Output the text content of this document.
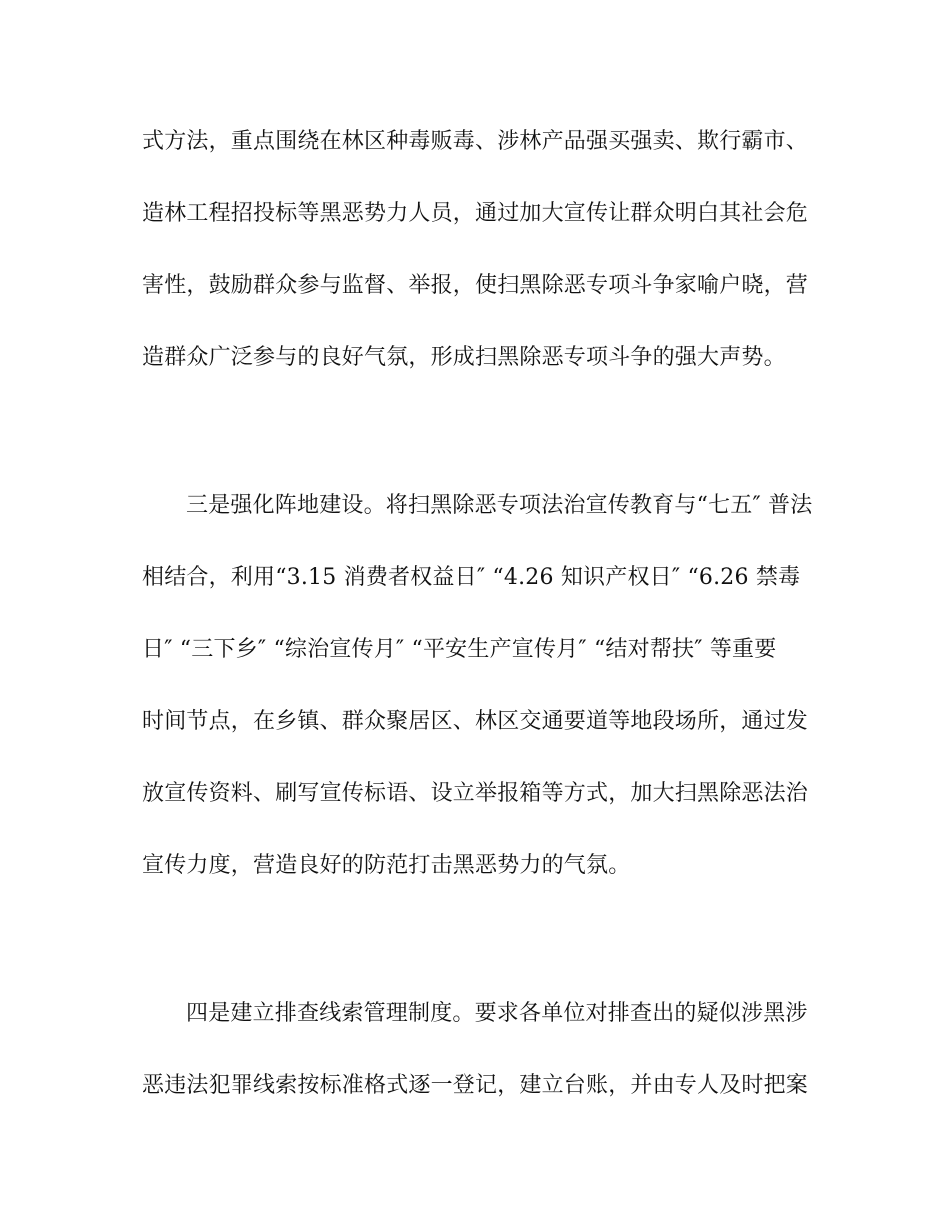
式方法，重点围绕在林区种毒贩毒、涉林产品强买强卖、欺行霸市、
造林工程招投标等黑恶势力人员，通过加大宣传让群众明白其社会危
害性，鼓励群众参与监督、举报，使扫黑除恶专项斗争家喻户晓，营
造群众广泛参与的良好气氛，形成扫黑除恶专项斗争的强大声势。
三是强化阵地建设。将扫黑除恶专项法治宣传教育与“七五″ 普法
相结合，利用“3.15 消费者权益日″ “4.26 知识产权日″ “6.26 禁毒
日″ “三下乡″ “综治宣传月″ “平安生产宣传月″ “结对帮扶″ 等重要
时间节点，在乡镇、群众聚居区、林区交通要道等地段场所，通过发
放宣传资料、刷写宣传标语、设立举报箱等方式，加大扫黑除恶法治
宣传力度，营造良好的防范打击黑恶势力的气氛。
四是建立排查线索管理制度。要求各单位对排查出的疑似涉黑涉
恶违法犯罪线索按标准格式逐一登记，建立台账，并由专人及时把案
